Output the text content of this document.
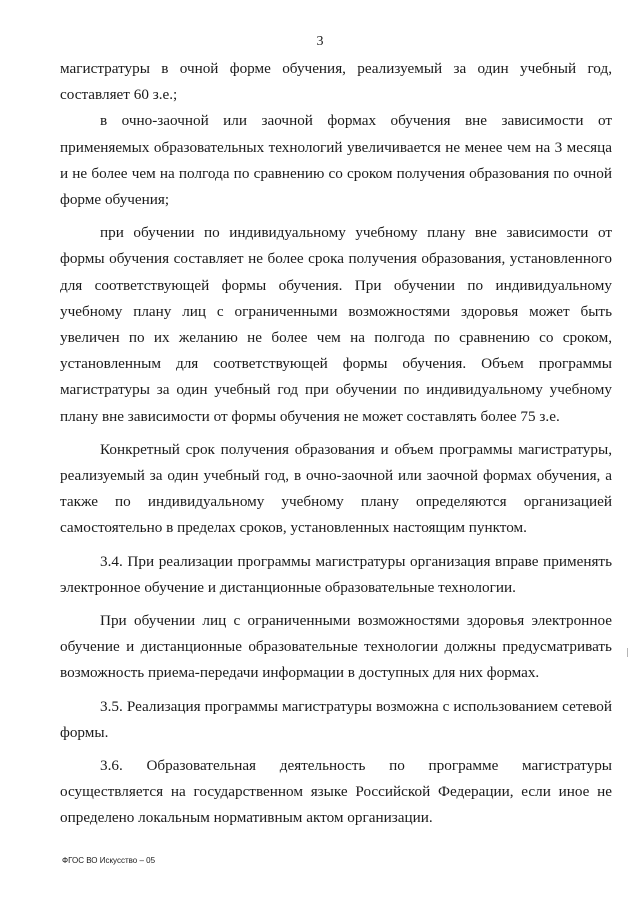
3

магистратуры в очной форме обучения, реализуемый за один учебный год, составляет 60 з.е.;

в очно-заочной или заочной формах обучения вне зависимости от применяемых образовательных технологий увеличивается не менее чем на 3 месяца и не более чем на полгода по сравнению со сроком получения образования по очной форме обучения;

при обучении по индивидуальному учебному плану вне зависимости от формы обучения составляет не более срока получения образования, установленного для соответствующей формы обучения. При обучении по индивидуальному учебному плану лиц с ограниченными возможностями здоровья может быть увеличен по их желанию не более чем на полгода по сравнению со сроком, установленным для соответствующей формы обучения. Объем программы магистратуры за один учебный год при обучении по индивидуальному учебному плану вне зависимости от формы обучения не может составлять более 75 з.е.

Конкретный срок получения образования и объем программы магистратуры, реализуемый за один учебный год, в очно-заочной или заочной формах обучения, а также по индивидуальному учебному плану определяются организацией самостоятельно в пределах сроков, установленных настоящим пунктом.

3.4. При реализации программы магистратуры организация вправе применять электронное обучение и дистанционные образовательные технологии.

При обучении лиц с ограниченными возможностями здоровья электронное обучение и дистанционные образовательные технологии должны предусматривать возможность приема-передачи информации в доступных для них формах.

3.5. Реализация программы магистратуры возможна с использованием сетевой формы.

3.6. Образовательная деятельность по программе магистратуры осуществляется на государственном языке Российской Федерации, если иное не определено локальным нормативным актом организации.

ФГОС ВО Искусство – 05
